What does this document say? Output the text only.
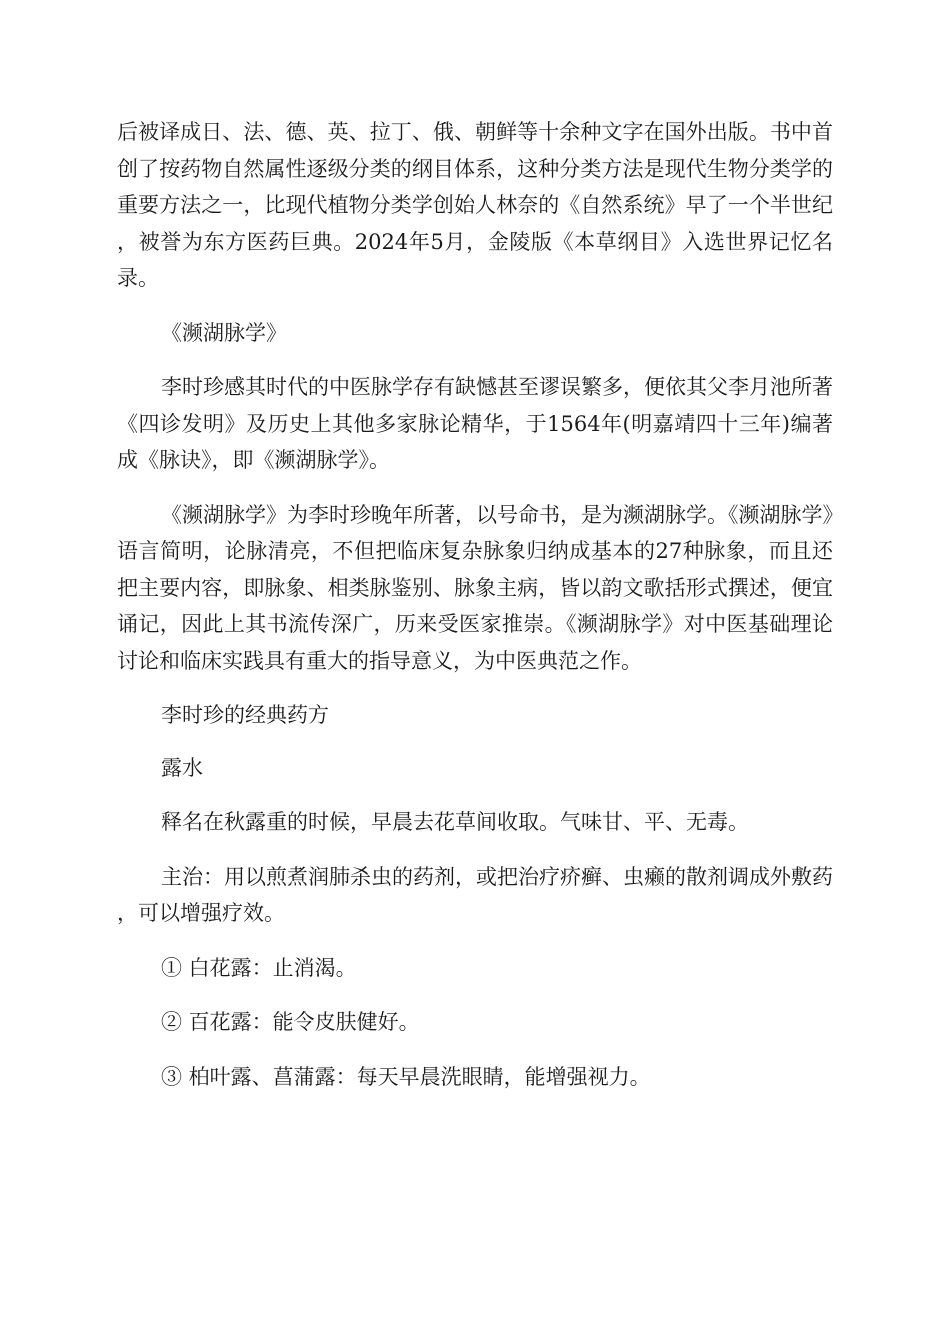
后被译成日、法、德、英、拉丁、俄、朝鲜等十余种文字在国外出版。书中首创了按药物自然属性逐级分类的纲目体系，这种分类方法是现代生物分类学的重要方法之一，比现代植物分类学创始人林奈的《自然系统》早了一个半世纪，被誉为东方医药巨典。2024年5月，金陵版《本草纲目》入选世界记忆名录。

《濒湖脉学》

李时珍感其时代的中医脉学存有缺憾甚至谬误繁多，便依其父李月池所著《四诊发明》及历史上其他多家脉论精华，于1564年(明嘉靖四十三年)编著成《脉诀》，即《濒湖脉学》。

《濒湖脉学》为李时珍晚年所著，以号命书，是为濒湖脉学。《濒湖脉学》语言简明，论脉清亮，不但把临床复杂脉象归纳成基本的27种脉象，而且还把主要内容，即脉象、相类脉鉴别、脉象主病，皆以韵文歌括形式撰述，便宜诵记，因此上其书流传深广，历来受医家推崇。《濒湖脉学》对中医基础理论讨论和临床实践具有重大的指导意义，为中医典范之作。

李时珍的经典药方

露水

释名在秋露重的时候，早晨去花草间收取。气味甘、平、无毒。

主治：用以煎煮润肺杀虫的药剂，或把治疗疥癣、虫癞的散剂调成外敷药，可以增强疗效。

① 白花露：止消渴。

② 百花露：能令皮肤健好。

③ 柏叶露、菖蒲露：每天早晨洗眼睛，能增强视力。
